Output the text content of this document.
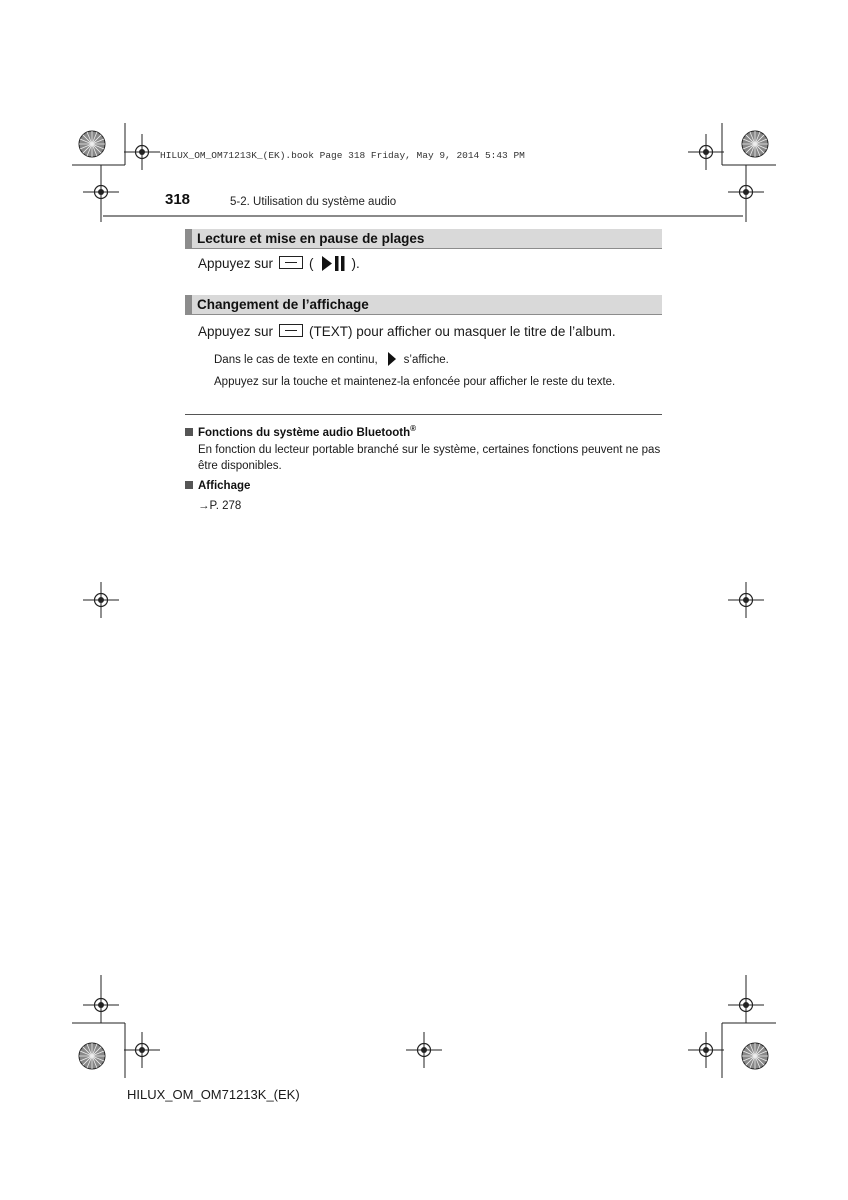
HILUX_OM_OM71213K_(EK).book Page 318 Friday, May 9, 2014 5:43 PM
318	5-2. Utilisation du système audio
Lecture et mise en pause de plages
Appuyez sur	(	).
Changement de l’affichage
Appuyez sur	(TEXT) pour afficher ou masquer le titre de l’album.
Dans le cas de texte en continu, s’affiche.
Appuyez sur la touche et maintenez-la enfoncée pour afficher le reste du texte.
Fonctions du système audio Bluetooth®
En fonction du lecteur portable branché sur le système, certaines fonctions peuvent ne pas être disponibles.
Affichage
→P. 278
HILUX_OM_OM71213K_(EK)
